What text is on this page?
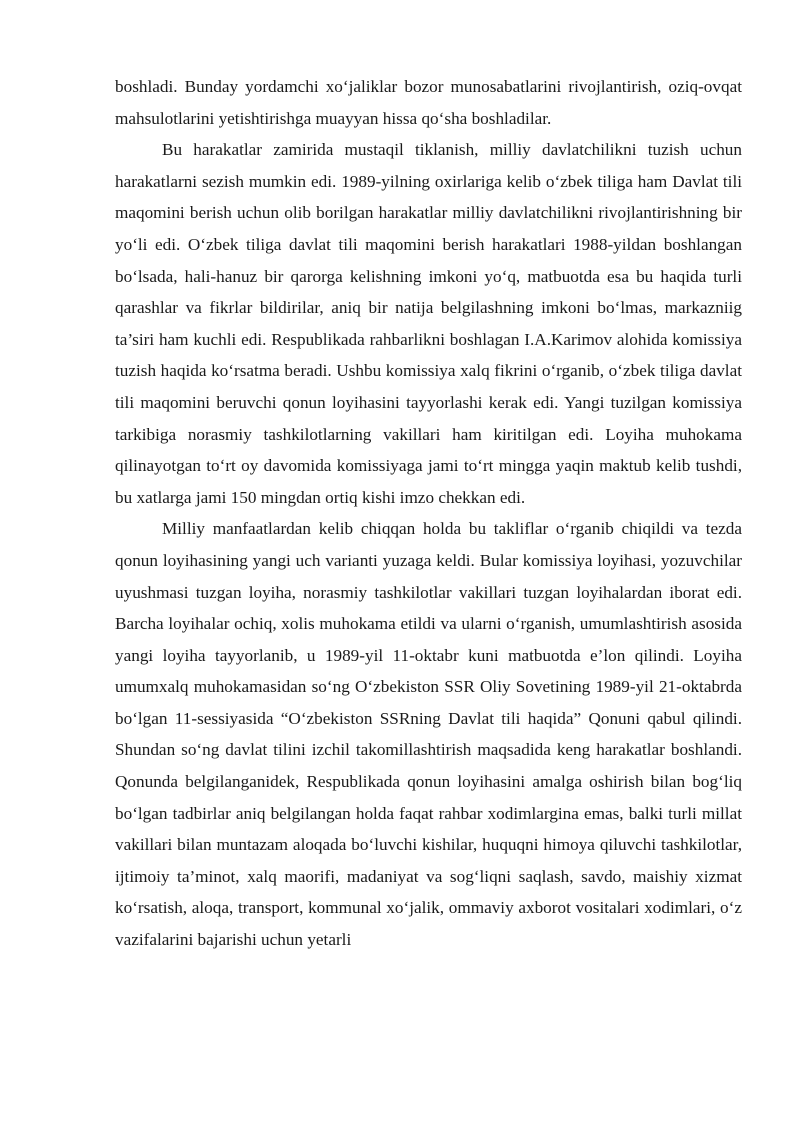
boshladi. Bunday yordamchi xo‘jaliklar bozor munosabatlarini rivojlantirish, oziq-ovqat mahsulotlarini yetishtirishga muayyan hissa qo‘sha boshladilar.

Bu harakatlar zamirida mustaqil tiklanish, milliy davlatchilikni tuzish uchun harakatlarni sezish mumkin edi. 1989-yilning oxirlariga kelib o‘zbek tiliga ham Davlat tili maqomini berish uchun olib borilgan harakatlar milliy davlatchilikni rivojlantirishning bir yo‘li edi. O‘zbek tiliga davlat tili maqomini berish harakatlari 1988-yildan boshlangan bo‘lsada, hali-hanuz bir qarorga kelishning imkoni yo‘q, matbuotda esa bu haqida turli qarashlar va fikrlar bildirilar, aniq bir natija belgilashning imkoni bo‘lmas, markazniig ta’siri ham kuchli edi. Respublikada rahbarlikni boshlagan I.A.Karimov alohida komissiya tuzish haqida ko‘rsatma beradi. Ushbu komissiya xalq fikrini o‘rganib, o‘zbek tiliga davlat tili maqomini beruvchi qonun loyihasini tayyorlashi kerak edi. Yangi tuzilgan komissiya tarkibiga norasmiy tashkilotlarning vakillari ham kiritilgan edi. Loyiha muhokama qilinayotgan to‘rt oy davomida komissiyaga jami to‘rt mingga yaqin maktub kelib tushdi, bu xatlarga jami 150 mingdan ortiq kishi imzo chekkan edi.

Milliy manfaatlardan kelib chiqqan holda bu takliflar o‘rganib chiqildi va tezda qonun loyihasining yangi uch varianti yuzaga keldi. Bular komissiya loyihasi, yozuvchilar uyushmasi tuzgan loyiha, norasmiy tashkilotlar vakillari tuzgan loyihalardan iborat edi. Barcha loyihalar ochiq, xolis muhokama etildi va ularni o‘rganish, umumlashtirish asosida yangi loyiha tayyorlanib, u 1989-yil 11-oktabr kuni matbuotda e’lon qilindi. Loyiha umumxalq muhokamasidan so‘ng O‘zbekiston SSR Oliy Sovetining 1989-yil 21-oktabrda bo‘lgan 11-sessiyasida “O‘zbekiston SSRning Davlat tili haqida” Qonuni qabul qilindi. Shundan so‘ng davlat tilini izchil takomillashtirish maqsadida keng harakatlar boshlandi. Qonunda belgilanganidek, Respublikada qonun loyihasini amalga oshirish bilan bog‘liq bo‘lgan tadbirlar aniq belgilangan holda faqat rahbar xodimlargina emas, balki turli millat vakillari bilan muntazam aloqada bo‘luvchi kishilar, huquqni himoya qiluvchi tashkilotlar, ijtimoiy ta’minot, xalq maorifi, madaniyat va sog‘liqni saqlash, savdo, maishiy xizmat ko‘rsatish, aloqa, transport, kommunal xo‘jalik, ommaviy axborot vositalari xodimlari, o‘z vazifalarini bajarishi uchun yetarli
